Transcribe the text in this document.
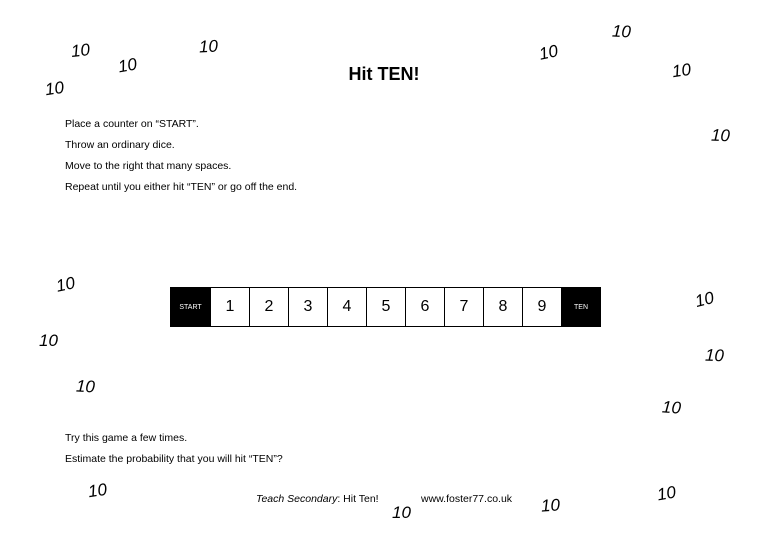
Hit TEN!
Place a counter on “START”.
Throw an ordinary dice.
Move to the right that many spaces.
Repeat until you either hit “TEN” or go off the end.
START	1	2	3	4	5	6	7	8	9	TEN
Try this game a few times.
Estimate the probability that you will hit “TEN”?
Teach Secondary: Hit Ten!	www.foster77.co.uk
10	10
10
10
10
10
10
10
10
10
10
10
10
10
10
10	10
10
